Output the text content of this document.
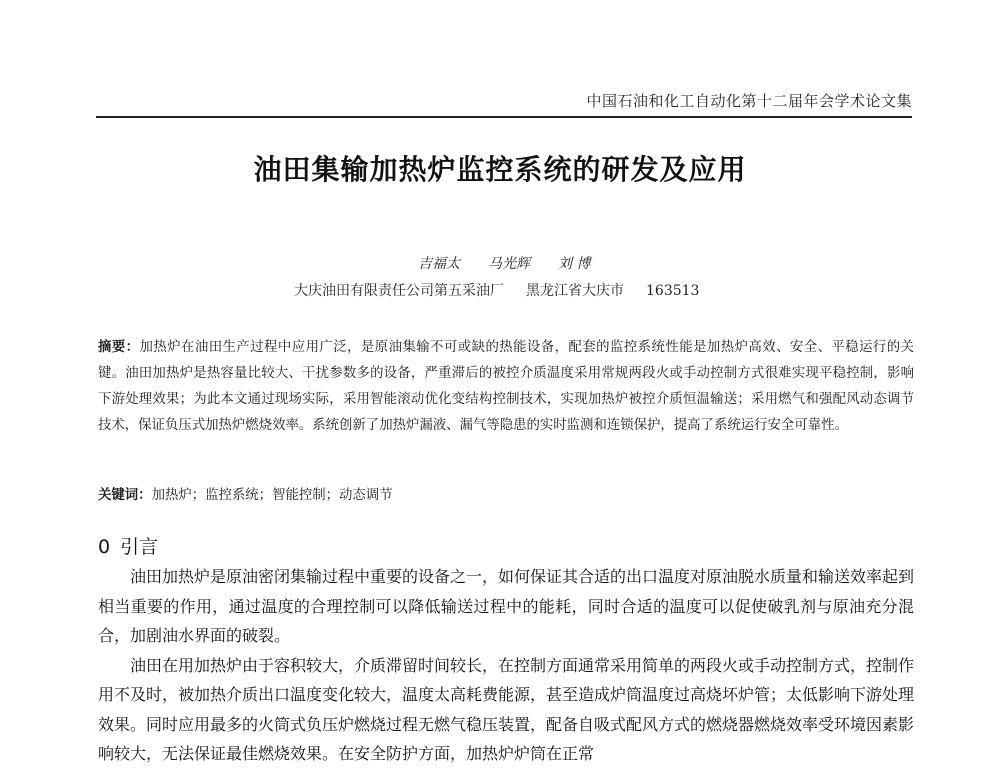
中国石油和化工自动化第十二届年会学术论文集
油田集输加热炉监控系统的研发及应用
吉福太 马光辉 刘 博
大庆油田有限责任公司第五采油厂 黑龙江省大庆市 163513
摘要：加热炉在油田生产过程中应用广泛，是原油集输不可或缺的热能设备，配套的监控系统性能是加热炉高效、安全、平稳运行的关键。油田加热炉是热容量比较大、干扰参数多的设备，严重滞后的被控介质温度采用常规两段火或手动控制方式很难实现平稳控制，影响下游处理效果；为此本文通过现场实际，采用智能滚动优化变结构控制技术，实现加热炉被控介质恒温输送；采用燃气和强配风动态调节技术，保证负压式加热炉燃烧效率。系统创新了加热炉漏液、漏气等隐患的实时监测和连锁保护，提高了系统运行安全可靠性。
关键词：加热炉；监控系统；智能控制；动态调节
0 引言

油田加热炉是原油密闭集输过程中重要的设备之一，如何保证其合适的出口温度对原油脱水质量和输送效率起到相当重要的作用，通过温度的合理控制可以降低输送过程中的能耗，同时合适的温度可以促使破乳剂与原油充分混合，加剧油水界面的破裂。

油田在用加热炉由于容积较大，介质滞留时间较长，在控制方面通常采用简单的两段火或手动控制方式，控制作用不及时，被加热介质出口温度变化较大，温度太高耗费能源，甚至造成炉筒温度过高烧坏炉管；太低影响下游处理效果。同时应用最多的火筒式负压炉燃烧过程无燃气稳压装置，配备自吸式配风方式的燃烧器燃烧效率受环境因素影响较大，无法保证最佳燃烧效果。在安全防护方面，加热炉炉筒在正常
